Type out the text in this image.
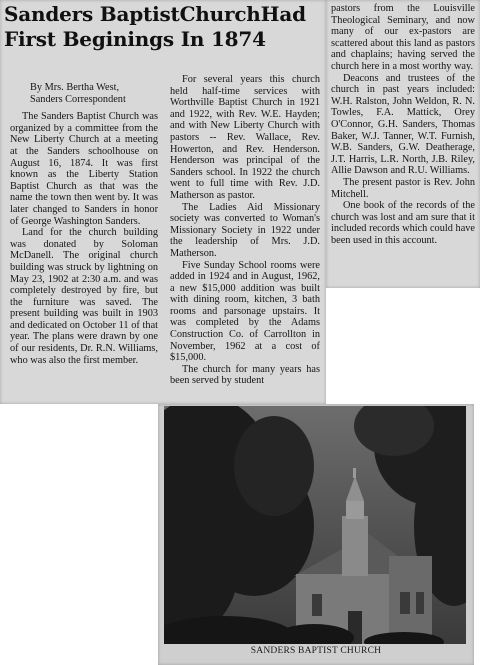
Sanders BaptistChurchHad
First Beginings In 1874
By Mrs. Bertha West,
Sanders Correspondent

The Sanders Baptist Church was organized by a committee from the New Liberty Church at a meeting at the Sanders schoolhouse on August 16, 1874. It was first known as the Liberty Station Baptist Church as that was the name the town then went by. It was later changed to Sanders in honor of George Washington Sanders.

Land for the church building was donated by Soloman McDanell. The original church building was struck by lightning on May 23, 1902 at 2:30 a.m. and was completely destroyed by fire, but the furniture was saved. The present building was built in 1903 and dedicated on October 11 of that year. The plans were drawn by one of our residents, Dr. R.N. Williams, who was also the first member.

For several years this church held half-time services with Worthville Baptist Church in 1921 and 1922, with Rev. W.E. Hayden; and with New Liberty Church with pastors -- Rev. Wallace, Rev. Howerton, and Rev. Henderson. Henderson was principal of the Sanders school. In 1922 the church went to full time with Rev. J.D. Matherson as pastor.

The Ladies Aid Missionary society was converted to Woman's Missionary Society in 1922 under the leadership of Mrs. J.D. Matherson.

Five Sunday School rooms were added in 1924 and in August, 1962, a new $15,000 addition was built with dining room, kitchen, 3 bath rooms and parsonage upstairs. It was completed by the Adams Construction Co. of Carrollton in November, 1962 at a cost of $15,000.

The church for many years has been served by student

pastors from the Louisville Theological Seminary, and now many of our ex-pastors are scattered about this land as pastors and chaplains; having served the church here in a most worthy way.

Deacons and trustees of the church in past years included: W.H. Ralston, John Weldon, R. N. Towles, F.A. Mattick, Orey O'Connor, G.H. Sanders, Thomas Baker, W.J. Tanner, W.T. Furnish, W.B. Sanders, G.W. Deatherage, J.T. Harris, L.R. North, J.B. Riley, Allie Dawson and R.U. Williams.

The present pastor is Rev. John Mitchell.

One book of the records of the church was lost and am sure that it included records which could have been used in this account.

SANDERS BAPTIST CHURCH
